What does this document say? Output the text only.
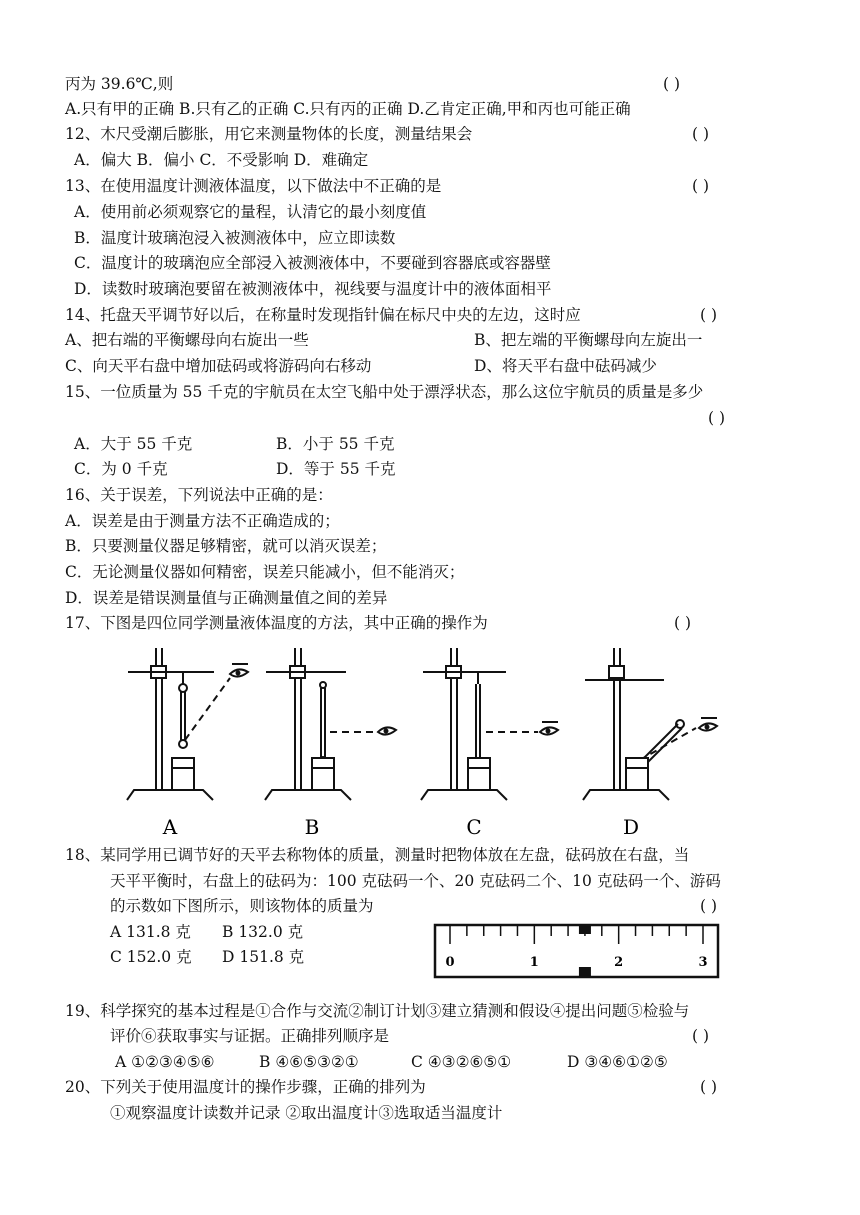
丙为 39.6℃,则	( )
A.只有甲的正确 B.只有乙的正确 C.只有丙的正确 D.乙肯定正确,甲和丙也可能正确
12、木尺受潮后膨胀，用它来测量物体的长度，测量结果会	( )
A．偏大 B．偏小 C．不受影响 D．难确定
13、在使用温度计测液体温度，以下做法中不正确的是	( )
A．使用前必须观察它的量程，认清它的最小刻度值
B．温度计玻璃泡浸入被测液体中，应立即读数
C．温度计的玻璃泡应全部浸入被测液体中，不要碰到容器底或容器壁
D．读数时玻璃泡要留在被测液体中，视线要与温度计中的液体面相平
14、托盘天平调节好以后，在称量时发现指针偏在标尺中央的左边，这时应	( )
A、把右端的平衡螺母向右旋出一些	B、把左端的平衡螺母向左旋出一
C、向天平右盘中增加砝码或将游码向右移动	D、将天平右盘中砝码减少
15、一位质量为 55 千克的宇航员在太空飞船中处于漂浮状态，那么这位宇航员的质量是多少
( )
A．大于 55 千克	B．小于 55 千克
C．为 0 千克	D．等于 55 千克
16、关于误差，下列说法中正确的是：
A．误差是由于测量方法不正确造成的；
B．只要测量仪器足够精密，就可以消灭误差；
C．无论测量仪器如何精密，误差只能减小，但不能消灭；
D．误差是错误测量值与正确测量值之间的差异
17、下图是四位同学测量液体温度的方法，其中正确的操作为	( )
A	B	C	D
18、某同学用已调节好的天平去称物体的质量，测量时把物体放在左盘，砝码放在右盘，当
天平平衡时，右盘上的砝码为：100 克砝码一个、20 克砝码二个、10 克砝码一个、游码
的示数如下图所示，则该物体的质量为	( )
A 131.8 克 B 132.0 克
C 152.0 克 D 151.8 克	0	1	2	3
19、科学探究的基本过程是①合作与交流②制订计划③建立猜测和假设④提出问题⑤检验与
评价⑥获取事实与证据。正确排列顺序是	( )
A ①②③④⑤⑥	B ④⑥⑤③②①	C ④③②⑥⑤①	D ③④⑥①②⑤
20、下列关于使用温度计的操作步骤，正确的排列为	( )
①观察温度计读数并记录 ②取出温度计③选取适当温度计
